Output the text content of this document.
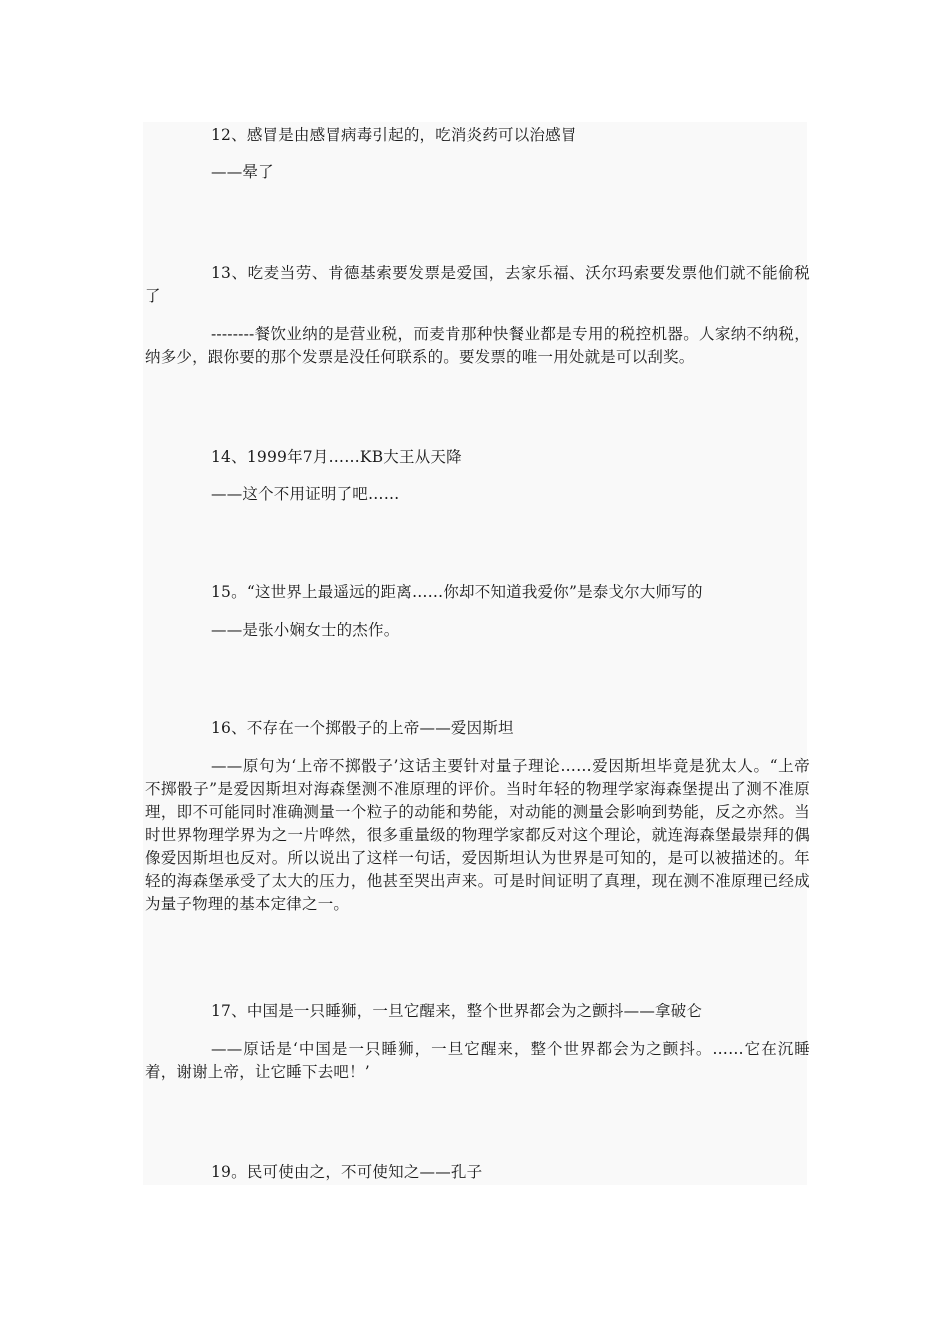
12、感冒是由感冒病毒引起的，吃消炎药可以治感冒
——晕了
13、吃麦当劳、肯德基索要发票是爱国，去家乐福、沃尔玛索要发票他们就不能偷税了
--------餐饮业纳的是营业税，而麦肯那种快餐业都是专用的税控机器。人家纳不纳税，纳多少，跟你要的那个发票是没任何联系的。要发票的唯一用处就是可以刮奖。
14、1999年7月……KB大王从天降
——这个不用证明了吧……
15。“这世界上最遥远的距离……你却不知道我爱你”是泰戈尔大师写的
——是张小娴女士的杰作。
16、不存在一个掷骰子的上帝——爱因斯坦
——原句为‘上帝不掷骰子’这话主要针对量子理论……爱因斯坦毕竟是犹太人。“上帝不掷骰子”是爱因斯坦对海森堡测不准原理的评价。当时年轻的物理学家海森堡提出了测不准原理，即不可能同时准确测量一个粒子的动能和势能，对动能的测量会影响到势能，反之亦然。当时世界物理学界为之一片哗然，很多重量级的物理学家都反对这个理论，就连海森堡最崇拜的偶像爱因斯坦也反对。所以说出了这样一句话，爱因斯坦认为世界是可知的，是可以被描述的。年轻的海森堡承受了太大的压力，他甚至哭出声来。可是时间证明了真理，现在测不准原理已经成为量子物理的基本定律之一。
17、中国是一只睡狮，一旦它醒来，整个世界都会为之颤抖——拿破仑
——原话是‘中国是一只睡狮，一旦它醒来，整个世界都会为之颤抖。……它在沉睡着，谢谢上帝，让它睡下去吧！’
19。民可使由之，不可使知之——孔子
